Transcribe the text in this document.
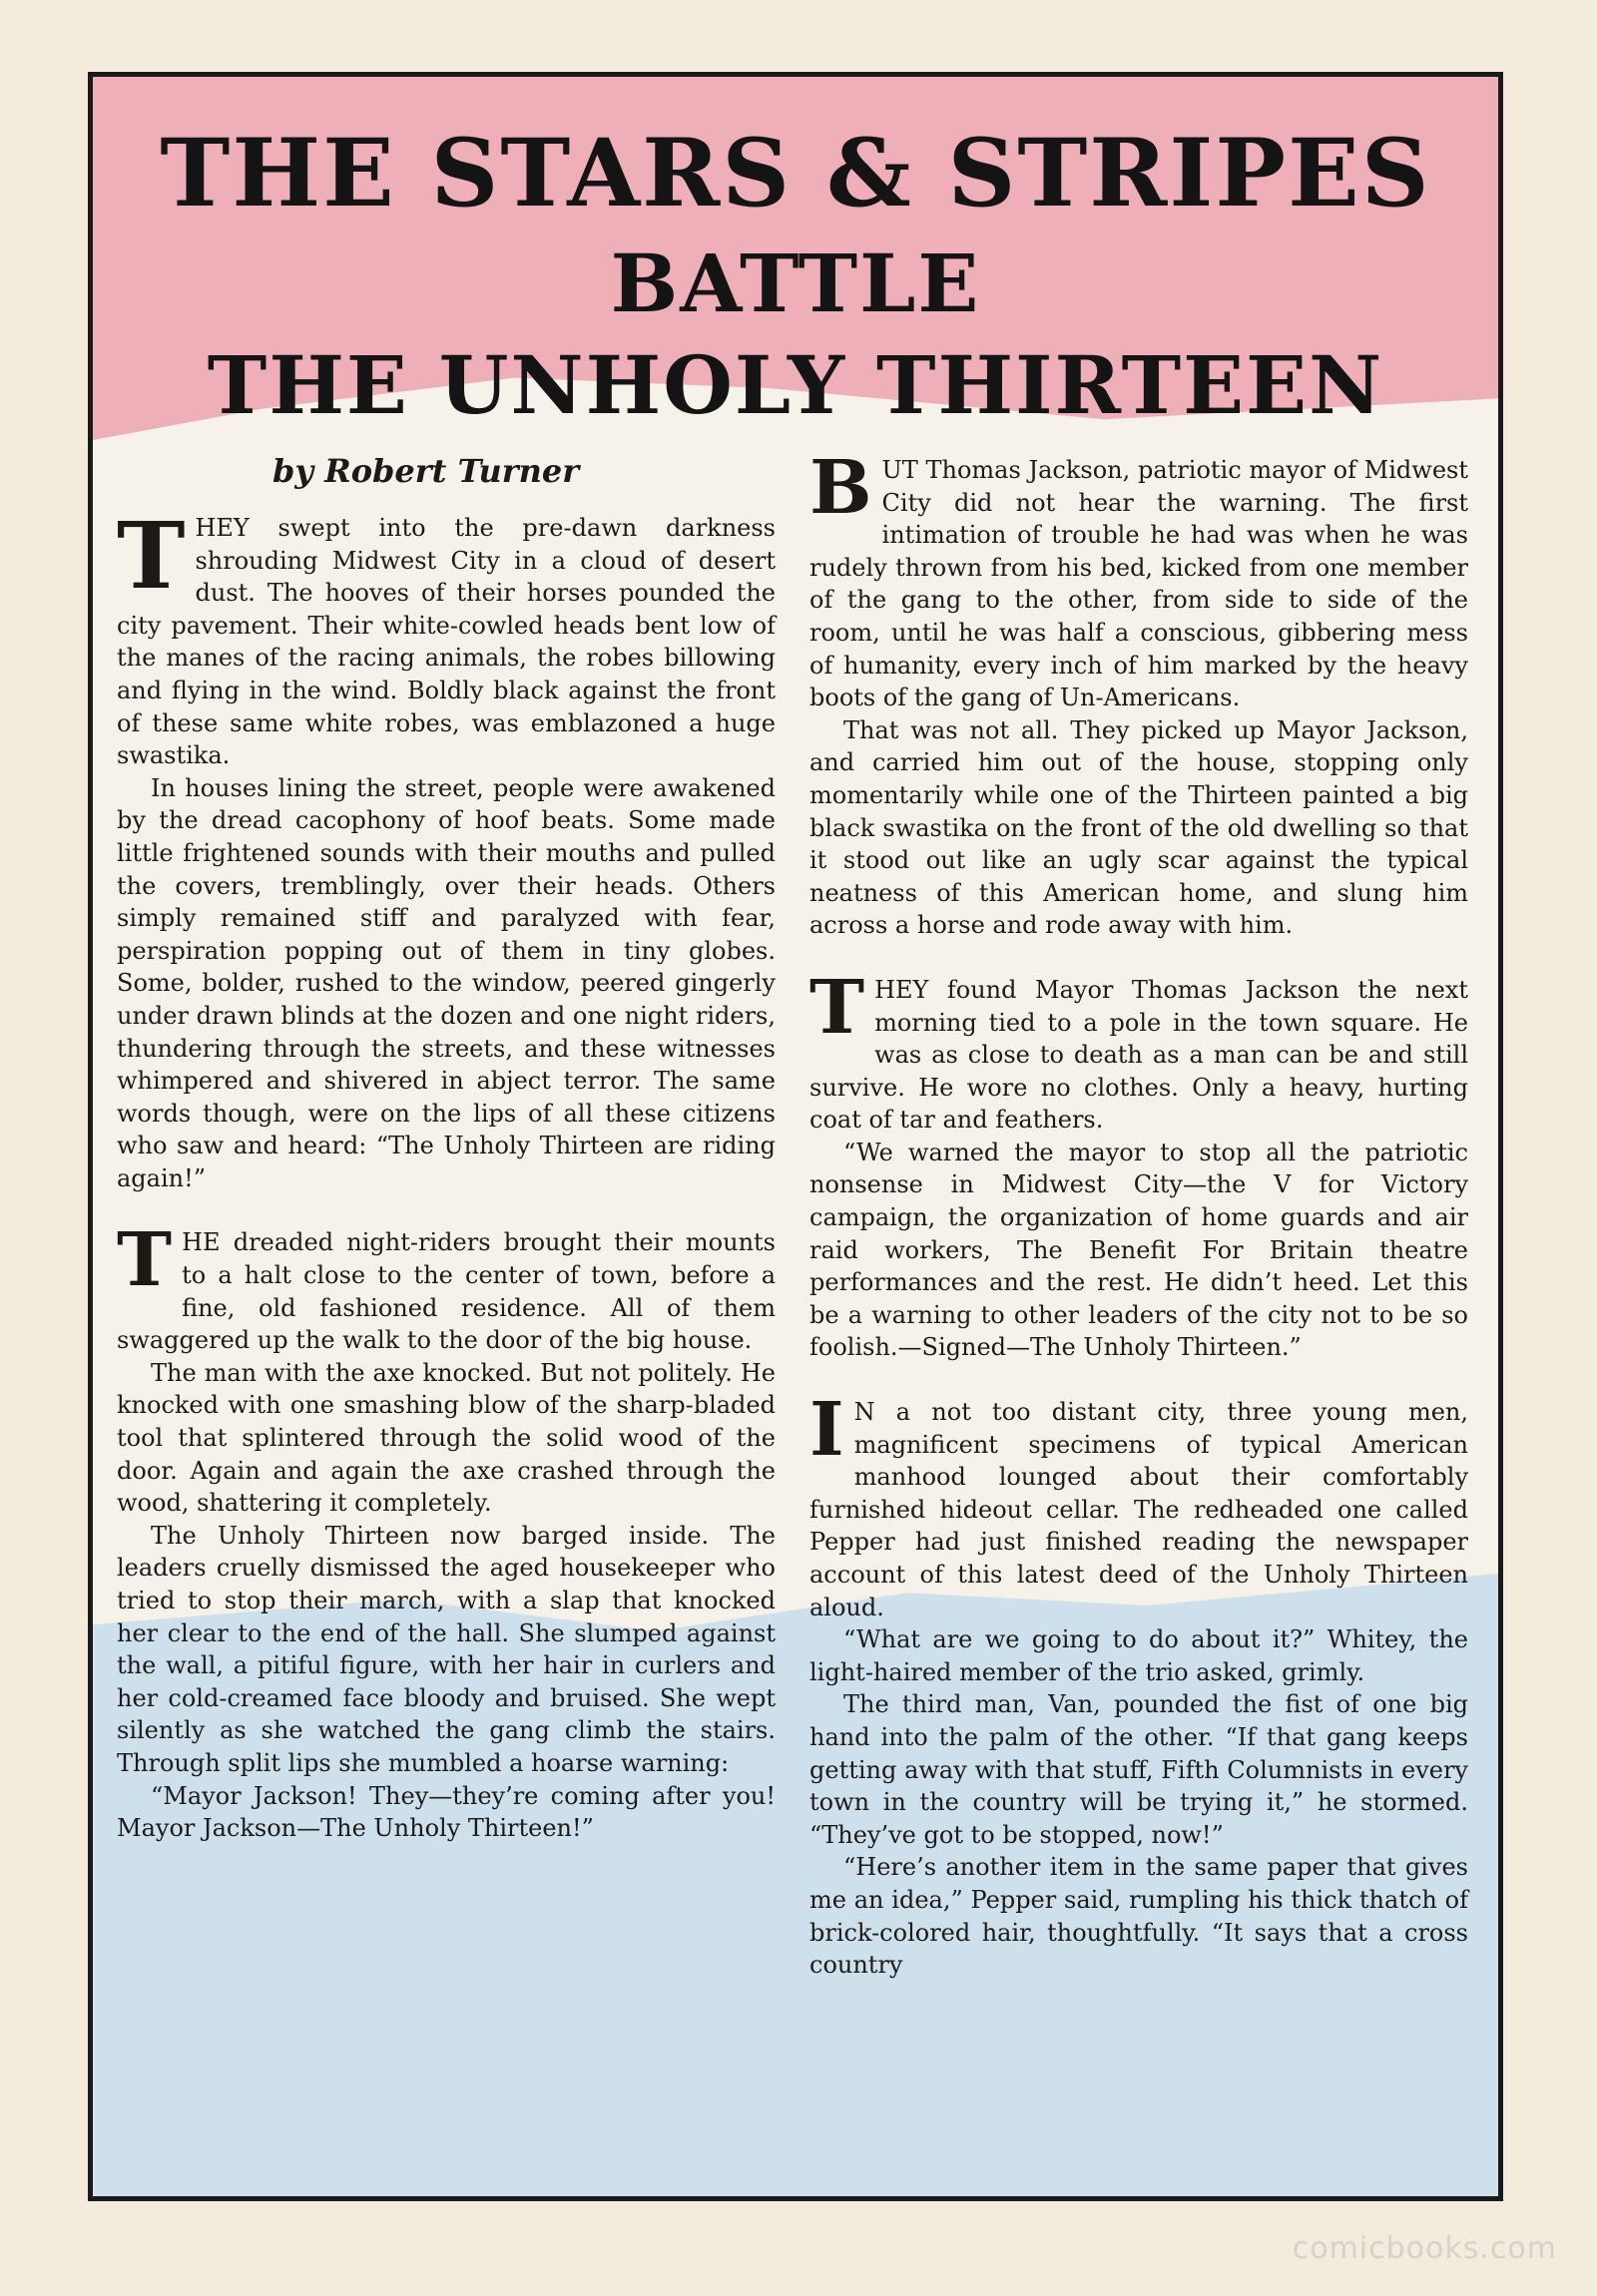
THE STARS & STRIPES
BATTLE
THE UNHOLY THIRTEEN

by Robert Turner

THEY swept into the pre-dawn darkness shrouding Midwest City in a cloud of desert dust. The hooves of their horses pounded the city pavement. Their white-cowled heads bent low of the manes of the racing animals, the robes billowing and flying in the wind. Boldly black against the front of these same white robes, was emblazoned a huge swastika.

In houses lining the street, people were awakened by the dread cacophony of hoof beats. Some made little frightened sounds with their mouths and pulled the covers, tremblingly, over their heads. Others simply remained stiff and paralyzed with fear, perspiration popping out of them in tiny globes. Some, bolder, rushed to the window, peered gingerly under drawn blinds at the dozen and one night riders, thundering through the streets, and these witnesses whimpered and shivered in abject terror. The same words though, were on the lips of all these citizens who saw and heard: “The Unholy Thirteen are riding again!”

THE dreaded night-riders brought their mounts to a halt close to the center of town, before a fine, old fashioned residence. All of them swaggered up the walk to the door of the big house.

The man with the axe knocked. But not politely. He knocked with one smashing blow of the sharp-bladed tool that splintered through the solid wood of the door. Again and again the axe crashed through the wood, shattering it completely.

The Unholy Thirteen now barged inside. The leaders cruelly dismissed the aged housekeeper who tried to stop their march, with a slap that knocked her clear to the end of the hall. She slumped against the wall, a pitiful figure, with her hair in curlers and her cold-creamed face bloody and bruised. She wept silently as she watched the gang climb the stairs. Through split lips she mumbled a hoarse warning:

“Mayor Jackson! They—they’re coming after you! Mayor Jackson—The Unholy Thirteen!”

BUT Thomas Jackson, patriotic mayor of Midwest City did not hear the warning. The first intimation of trouble he had was when he was rudely thrown from his bed, kicked from one member of the gang to the other, from side to side of the room, until he was half a conscious, gibbering mess of humanity, every inch of him marked by the heavy boots of the gang of Un-Americans.

That was not all. They picked up Mayor Jackson, and carried him out of the house, stopping only momentarily while one of the Thirteen painted a big black swastika on the front of the old dwelling so that it stood out like an ugly scar against the typical neatness of this American home, and slung him across a horse and rode away with him.

THEY found Mayor Thomas Jackson the next morning tied to a pole in the town square. He was as close to death as a man can be and still survive. He wore no clothes. Only a heavy, hurting coat of tar and feathers.

“We warned the mayor to stop all the patriotic nonsense in Midwest City—the V for Victory campaign, the organization of home guards and air raid workers, The Benefit For Britain theatre performances and the rest. He didn’t heed. Let this be a warning to other leaders of the city not to be so foolish.—Signed—The Unholy Thirteen.”

I N a not too distant city, three young men, magnificent specimens of typical American manhood lounged about their comfortably furnished hideout cellar. The redheaded one called Pepper had just finished reading the newspaper account of this latest deed of the Unholy Thirteen aloud.

“What are we going to do about it?” Whitey, the light-haired member of the trio asked, grimly.

The third man, Van, pounded the fist of one big hand into the palm of the other. “If that gang keeps getting away with that stuff, Fifth Columnists in every town in the country will be trying it,” he stormed. “They’ve got to be stopped, now!”

“Here’s another item in the same paper that gives me an idea,” Pepper said, rumpling his thick thatch of brick-colored hair, thoughtfully. “It says that a cross country

comicbooks.com
